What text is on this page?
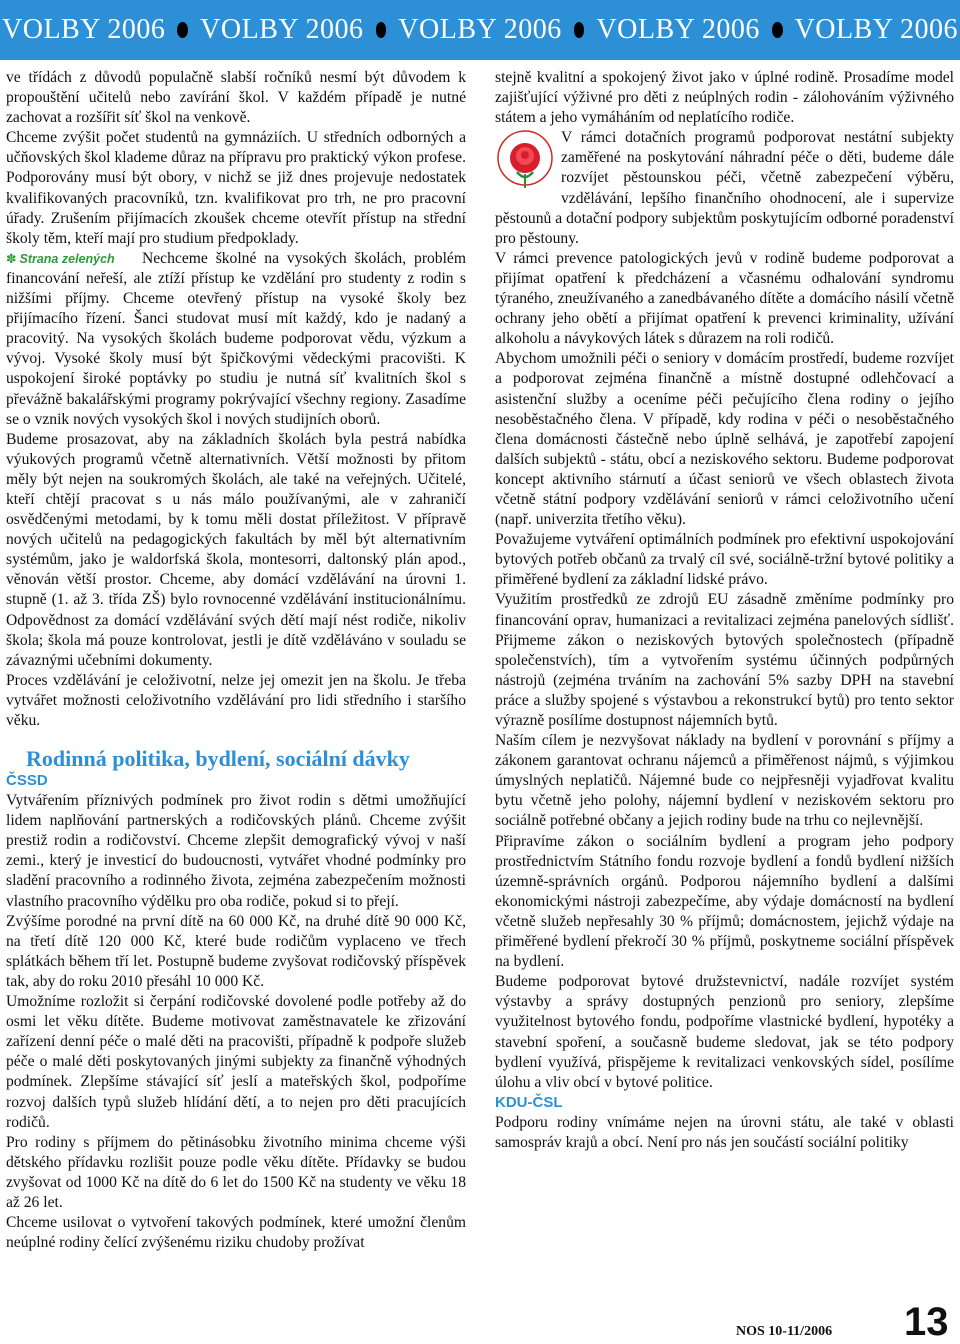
VOLBY 2006 VOLBY 2006 VOLBY 2006 VOLBY 2006 VOLBY 2006

ve třídách z důvodů populačně slabší ročníků nesmí být důvodem k propouštění učitelů nebo zavírání škol. V každém případě je nutné zachovat a rozšířit síť škol na venkově.

Chceme zvýšit počet studentů na gymnáziích. U středních odborných a učňovských škol klademe důraz na přípravu pro praktický výkon profese. Podporovány musí být obory, v nichž se již dnes projevuje nedostatek kvalifikovaných pracovníků, tzn. kvalifikovat pro trh, ne pro pracovní úřady. Zrušením přijímacích zkoušek chceme otevřít přístup na střední školy těm, kteří mají pro studium předpoklady.

✽ Strana zelených	Nechceme školné na vysokých školách, problém financování neřeší, ale ztíží přístup ke vzdělání pro studenty z rodin s nižšími příjmy. Chceme otevřený přístup na vysoké školy bez přijímacího řízení. Šanci studovat musí mít každý, kdo je nadaný a pracovitý. Na vysokých školách budeme podporovat vědu, výzkum a vývoj. Vysoké školy musí být špičkovými vědeckými pracovišti. K uspokojení široké poptávky po studiu je nutná síť kvalitních škol s převážně bakalářskými programy pokrývající všechny regiony. Zasadíme se o vznik nových vysokých škol i nových studijních oborů.

Budeme prosazovat, aby na základních školách byla pestrá nabídka výukových programů včetně alternativních. Větší možnosti by přitom měly být nejen na soukromých školách, ale také na veřejných. Učitelé, kteří chtějí pracovat s u nás málo používanými, ale v zahraničí osvědčenými metodami, by k tomu měli dostat příležitost. V přípravě nových učitelů na pedagogických fakultách by měl být alternativním systémům, jako je waldorfská škola, montesorri, daltonský plán apod., věnován větší prostor. Chceme, aby domácí vzdělávání na úrovni 1. stupně (1. až 3. třída ZŠ) bylo rovnocenné vzdělávání institucionálnímu. Odpovědnost za domácí vzdělávání svých dětí mají nést rodiče, nikoliv škola; škola má pouze kontrolovat, jestli je dítě vzděláváno v souladu se závaznými učebními dokumenty.

Proces vzdělávání je celoživotní, nelze jej omezit jen na školu. Je třeba vytvářet možnosti celoživotního vzdělávání pro lidi středního i staršího věku.

Rodinná politika, bydlení, sociální dávky
ČSSD

Vytvářením příznivých podmínek pro život rodin s dětmi umožňující lidem naplňování partnerských a rodičovských plánů. Chceme zvýšit prestiž rodin a rodičovství. Chceme zlepšit demografický vývoj v naší zemi., který je investicí do budoucnosti, vytvářet vhodné podmínky pro sladění pracovního a rodinného života, zejména zabezpečením možnosti vlastního pracovního výdělku pro oba rodiče, pokud si to přejí.

Zvýšíme porodné na první dítě na 60 000 Kč, na druhé dítě 90 000 Kč, na třetí dítě 120 000 Kč, které bude rodičům vyplaceno ve třech splátkách během tří let. Postupně budeme zvyšovat rodičovský příspěvek tak, aby do roku 2010 přesáhl 10 000 Kč.

Umožníme rozložit si čerpání rodičovské dovolené podle potřeby až do osmi let věku dítěte. Budeme motivovat zaměstnavatele ke zřizování zařízení denní péče o malé děti na pracovišti, případně k podpoře služeb péče o malé děti poskytovaných jinými subjekty za finančně výhodných podmínek. Zlepšíme stávající síť jeslí a mateřských škol, podpoříme rozvoj dalších typů služeb hlídání dětí, a to nejen pro děti pracujících rodičů.

Pro rodiny s příjmem do pětinásobku životního minima chceme výši dětského přídavku rozlišit pouze podle věku dítěte. Přídavky se budou zvyšovat od 1000 Kč na dítě do 6 let do 1500 Kč na studenty ve věku 18 až 26 let.

Chceme usilovat o vytvoření takových podmínek, které umožní členům neúplné rodiny čelící zvýšenému riziku chudoby prožívat

stejně kvalitní a spokojený život jako v úplné rodině. Prosadíme model zajišťující výživné pro děti z neúplných rodin - zálohováním výživného státem a jeho vymáháním od neplatícího rodiče.

V rámci dotačních programů podporovat nestátní subjekty zaměřené na poskytování náhradní péče o děti, budeme dále rozvíjet pěstounskou péči, včetně zabezpečení výběru, vzdělávání, lepšího finančního ohodnocení, ale i supervize pěstounů a dotační podpory subjektům poskytujícím odborné poradenství pro pěstouny.

V rámci prevence patologických jevů v rodině budeme podporovat a přijímat opatření k předcházení a včasnému odhalování syndromu týraného, zneužívaného a zanedbávaného dítěte a domácího násilí včetně ochrany jeho obětí a přijímat opatření k prevenci kriminality, užívání alkoholu a návykových látek s důrazem na roli rodičů.

Abychom umožnili péči o seniory v domácím prostředí, budeme rozvíjet a podporovat zejména finančně a místně dostupné odlehčovací a asistenční služby a oceníme péči pečujícího člena rodiny o jejího nesoběstačného člena. V případě, kdy rodina v péči o nesoběstačného člena domácnosti částečně nebo úplně selhává, je zapotřebí zapojení dalších subjektů - státu, obcí a neziskového sektoru. Budeme podporovat koncept aktivního stárnutí a účast seniorů ve všech oblastech života včetně státní podpory vzdělávání seniorů v rámci celoživotního učení (např. univerzita třetího věku).

Považujeme vytváření optimálních podmínek pro efektivní uspokojování bytových potřeb občanů za trvalý cíl své, sociálně-tržní bytové politiky a přiměřené bydlení za základní lidské právo.

Využitím prostředků ze zdrojů EU zásadně změníme podmínky pro financování oprav, humanizaci a revitalizaci zejména panelových sídlišť. Přijmeme zákon o neziskových bytových společnostech (případně společenstvích), tím a vytvořením systému účinných podpůrných nástrojů (zejména trváním na zachování 5% sazby DPH na stavební práce a služby spojené s výstavbou a rekonstrukcí bytů) pro tento sektor výrazně posílíme dostupnost nájemních bytů.

Naším cílem je nezvyšovat náklady na bydlení v porovnání s příjmy a zákonem garantovat ochranu nájemců a přiměřenost nájmů, s výjimkou úmyslných neplatičů. Nájemné bude co nejpřesněji vyjadřovat kvalitu bytu včetně jeho polohy, nájemní bydlení v neziskovém sektoru pro sociálně potřebné občany a jejich rodiny bude na trhu co nejlevnější.

Připravíme zákon o sociálním bydlení a program jeho podpory prostřednictvím Státního fondu rozvoje bydlení a fondů bydlení nižších územně-správních orgánů. Podporou nájemního bydlení a dalšími ekonomickými nástroji zabezpečíme, aby výdaje domácností na bydlení včetně služeb nepřesahly 30 % příjmů; domácnostem, jejichž výdaje na přiměřené bydlení překročí 30 % příjmů, poskytneme sociální příspěvek na bydlení.

Budeme podporovat bytové družstevnictví, nadále rozvíjet systém výstavby a správy dostupných penzionů pro seniory, zlepšíme využitelnost bytového fondu, podpoříme vlastnické bydlení, hypotéky a stavební spoření, a současně budeme sledovat, jak se této podpory bydlení využívá, přispějeme k revitalizaci venkovských sídel, posílíme úlohu a vliv obcí v bytové politice.

KDU-ČSL

Podporu rodiny vnímáme nejen na úrovni státu, ale také v oblasti samospráv krajů a obcí. Není pro nás jen součástí sociální politiky

NOS 10-11/2006 13
